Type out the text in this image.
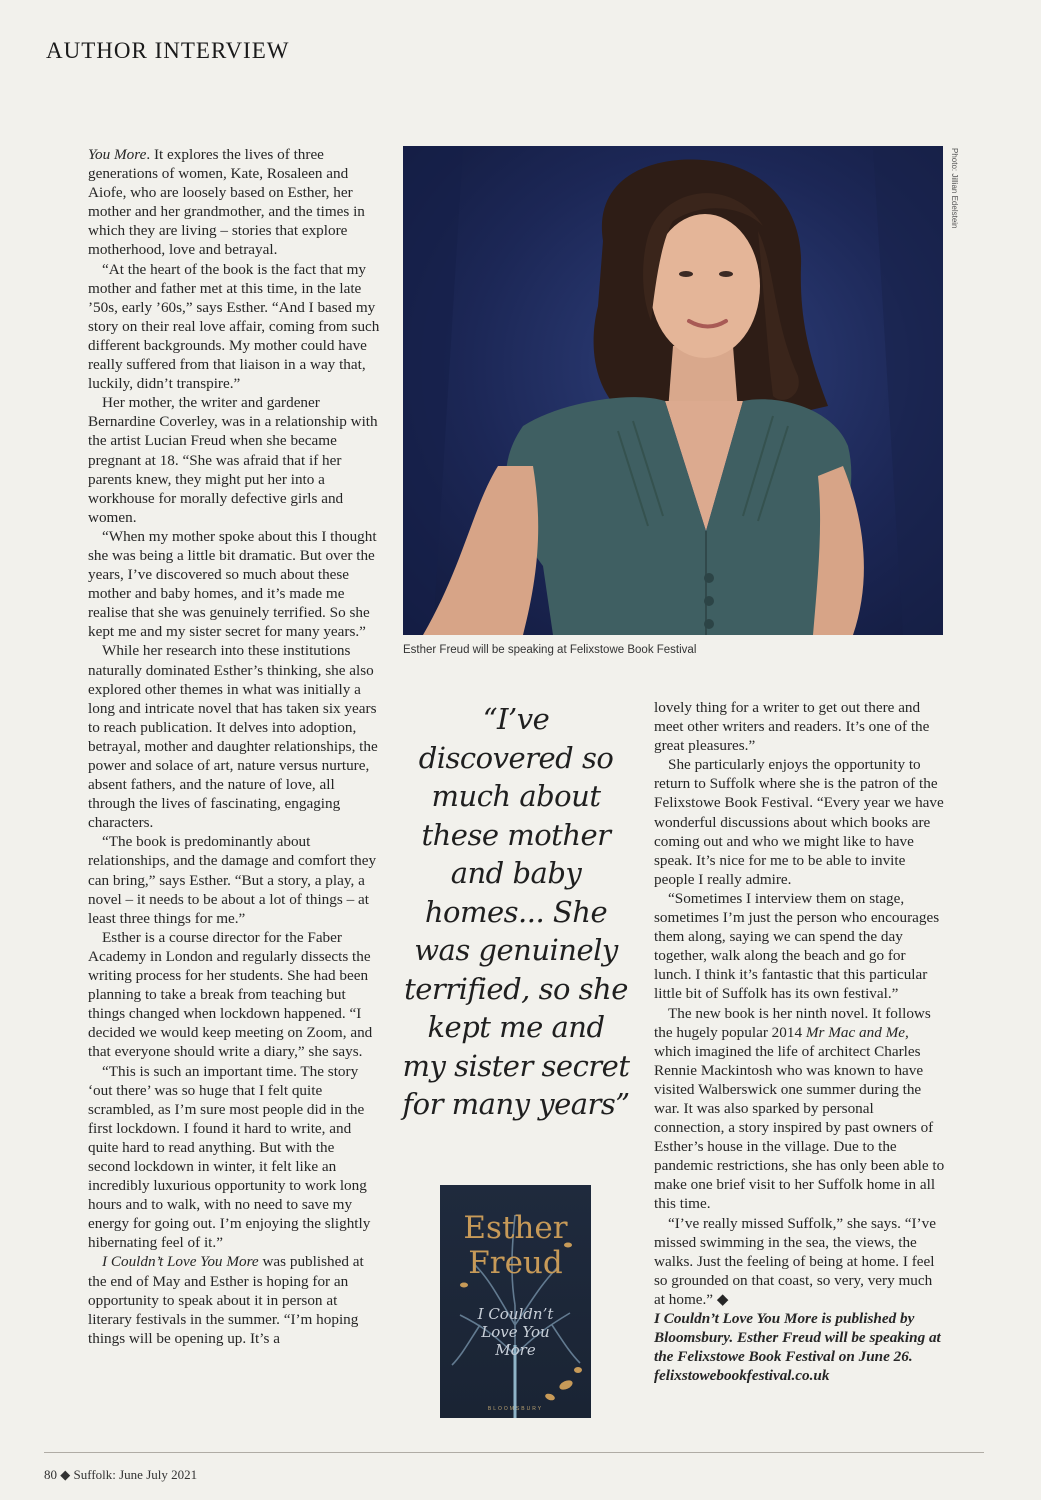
AUTHOR INTERVIEW

You More. It explores the lives of three generations of women, Kate, Rosaleen and Aiofe, who are loosely based on Esther, her mother and her grandmother, and the times in which they are living – stories that explore motherhood, love and betrayal.

“At the heart of the book is the fact that my mother and father met at this time, in the late ’50s, early ’60s,” says Esther. “And I based my story on their real love affair, coming from such different backgrounds. My mother could have really suffered from that liaison in a way that, luckily, didn’t transpire.”

Her mother, the writer and gardener Bernardine Coverley, was in a relationship with the artist Lucian Freud when she became pregnant at 18. “She was afraid that if her parents knew, they might put her into a workhouse for morally defective girls and women.

“When my mother spoke about this I thought she was being a little bit dramatic. But over the years, I’ve discovered so much about these mother and baby homes, and it’s made me realise that she was genuinely terrified. So she kept me and my sister secret for many years.”

While her research into these institutions naturally dominated Esther’s thinking, she also explored other themes in what was initially a long and intricate novel that has taken six years to reach publication. It delves into adoption, betrayal, mother and daughter relationships, the power and solace of art, nature versus nurture, absent fathers, and the nature of love, all through the lives of fascinating, engaging characters.

“The book is predominantly about relationships, and the damage and comfort they can bring,” says Esther. “But a story, a play, a novel – it needs to be about a lot of things – at least three things for me.”

Esther is a course director for the Faber Academy in London and regularly dissects the writing process for her students. She had been planning to take a break from teaching but things changed when lockdown happened. “I decided we would keep meeting on Zoom, and that everyone should write a diary,” she says.

“This is such an important time. The story ‘out there’ was so huge that I felt quite scrambled, as I’m sure most people did in the first lockdown. I found it hard to write, and quite hard to read anything. But with the second lockdown in winter, it felt like an incredibly luxurious opportunity to work long hours and to walk, with no need to save my energy for going out. I’m enjoying the slightly hibernating feel of it.”

I Couldn’t Love You More was published at the end of May and Esther is hoping for an opportunity to speak about it in person at literary festivals in the summer. “I’m hoping things will be opening up. It’s a

Photo: Jillian Edelstein
Esther Freud will be speaking at Felixstowe Book Festival
“I’ve discovered so much about these mother and baby homes... She was genuinely terrified, so she kept me and my sister secret for many years”
Esther
Freud
I Couldn’t Love You More
BLOOMSBURY

lovely thing for a writer to get out there and meet other writers and readers. It’s one of the great pleasures.”

She particularly enjoys the opportunity to return to Suffolk where she is the patron of the Felixstowe Book Festival. “Every year we have wonderful discussions about which books are coming out and who we might like to have speak. It’s nice for me to be able to invite people I really admire.

“Sometimes I interview them on stage, sometimes I’m just the person who encourages them along, saying we can spend the day together, walk along the beach and go for lunch. I think it’s fantastic that this particular little bit of Suffolk has its own festival.”

The new book is her ninth novel. It follows the hugely popular 2014 Mr Mac and Me, which imagined the life of architect Charles Rennie Mackintosh who was known to have visited Walberswick one summer during the war. It was also sparked by personal connection, a story inspired by past owners of Esther’s house in the village. Due to the pandemic restrictions, she has only been able to make one brief visit to her Suffolk home in all this time.

“I’ve really missed Suffolk,” she says. “I’ve missed swimming in the sea, the views, the walks. Just the feeling of being at home. I feel so grounded on that coast, so very, very much at home.” ◆

I Couldn’t Love You More is published by Bloomsbury. Esther Freud will be speaking at the Felixstowe Book Festival on June 26. felixstowebookfestival.co.uk

80 ◆ Suffolk: June July 2021
